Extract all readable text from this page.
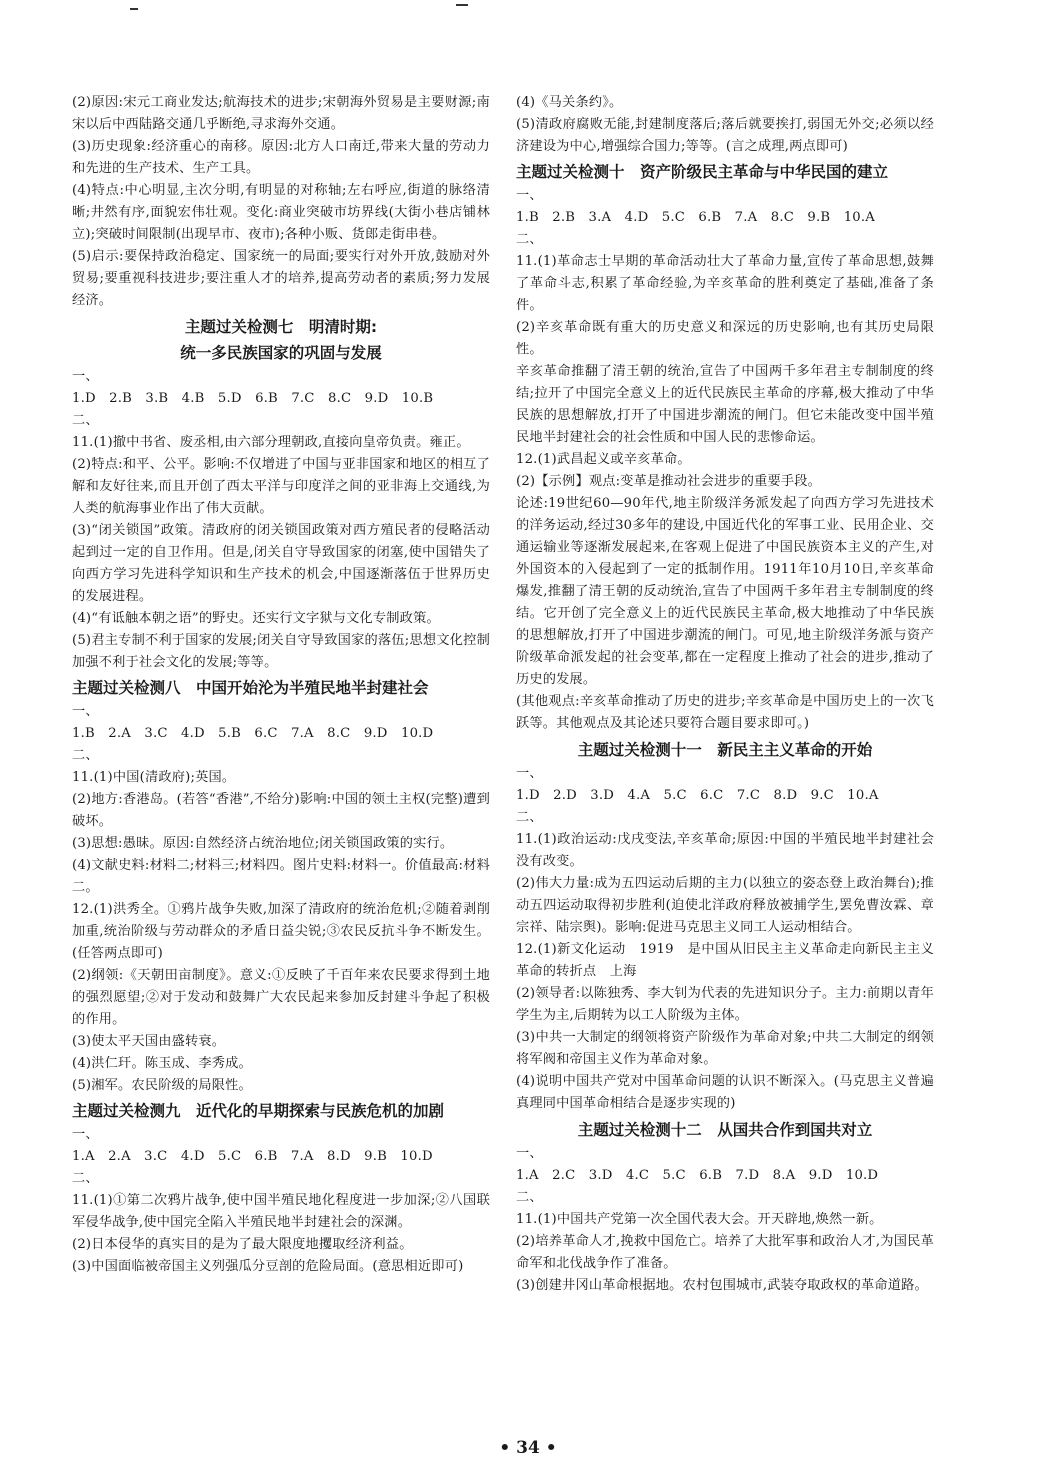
(2)原因:宋元工商业发达;航海技术的进步;宋朝海外贸易是主要财源;南宋以后中西陆路交通几乎断绝,寻求海外交通。
(3)历史现象:经济重心的南移。原因:北方人口南迁,带来大量的劳动力和先进的生产技术、生产工具。
(4)特点:中心明显,主次分明,有明显的对称轴;左右呼应,街道的脉络清晰;井然有序,面貌宏伟壮观。变化:商业突破市坊界线(大街小巷店铺林立);突破时间限制(出现早市、夜市);各种小贩、货郎走街串巷。
(5)启示:要保持政治稳定、国家统一的局面;要实行对外开放,鼓励对外贸易;要重视科技进步;要注重人才的培养,提高劳动者的素质;努力发展经济。
主题过关检测七　明清时期:
统一多民族国家的巩固与发展
一、
1.D　2.B　3.B　4.B　5.D　6.B　7.C　8.C　9.D　10.B
二、
11.(1)撤中书省、废丞相,由六部分理朝政,直接向皇帝负责。雍正。
(2)特点:和平、公平。影响:不仅增进了中国与亚非国家和地区的相互了解和友好往来,而且开创了西太平洋与印度洋之间的亚非海上交通线,为人类的航海事业作出了伟大贡献。
(3)“闭关锁国”政策。清政府的闭关锁国政策对西方殖民者的侵略活动起到过一定的自卫作用。但是,闭关自守导致国家的闭塞,使中国错失了向西方学习先进科学知识和生产技术的机会,中国逐渐落伍于世界历史的发展进程。
(4)“有诋触本朝之语”的野史。还实行文字狱与文化专制政策。
(5)君主专制不利于国家的发展;闭关自守导致国家的落伍;思想文化控制加强不利于社会文化的发展;等等。
主题过关检测八　中国开始沦为半殖民地半封建社会
一、
1.B　2.A　3.C　4.D　5.B　6.C　7.A　8.C　9.D　10.D
二、
11.(1)中国(清政府);英国。
(2)地方:香港岛。(若答“香港”,不给分)影响:中国的领土主权(完整)遭到破坏。
(3)思想:愚昧。原因:自然经济占统治地位;闭关锁国政策的实行。
(4)文献史料:材料二;材料三;材料四。图片史料:材料一。价值最高:材料二。
12.(1)洪秀全。①鸦片战争失败,加深了清政府的统治危机;②随着剥削加重,统治阶级与劳动群众的矛盾日益尖锐;③农民反抗斗争不断发生。(任答两点即可)
(2)纲领:《天朝田亩制度》。意义:①反映了千百年来农民要求得到土地的强烈愿望;②对于发动和鼓舞广大农民起来参加反封建斗争起了积极的作用。
(3)使太平天国由盛转衰。
(4)洪仁玕。陈玉成、李秀成。
(5)湘军。农民阶级的局限性。
主题过关检测九　近代化的早期探索与民族危机的加剧
一、
1.A　2.A　3.C　4.D　5.C　6.B　7.A　8.D　9.B　10.D
二、
11.(1)①第二次鸦片战争,使中国半殖民地化程度进一步加深;②八国联军侵华战争,使中国完全陷入半殖民地半封建社会的深渊。
(2)日本侵华的真实目的是为了最大限度地攫取经济利益。
(3)中国面临被帝国主义列强瓜分豆剖的危险局面。(意思相近即可)
(4)《马关条约》。
(5)清政府腐败无能,封建制度落后;落后就要挨打,弱国无外交;必须以经济建设为中心,增强综合国力;等等。(言之成理,两点即可)
主题过关检测十　资产阶级民主革命与中华民国的建立
一、
1.B　2.B　3.A　4.D　5.C　6.B　7.A　8.C　9.B　10.A
二、
11.(1)革命志士早期的革命活动壮大了革命力量,宣传了革命思想,鼓舞了革命斗志,积累了革命经验,为辛亥革命的胜利奠定了基础,准备了条件。
(2)辛亥革命既有重大的历史意义和深远的历史影响,也有其历史局限性。
辛亥革命推翻了清王朝的统治,宣告了中国两千多年君主专制制度的终结;拉开了中国完全意义上的近代民族民主革命的序幕,极大推动了中华民族的思想解放,打开了中国进步潮流的闸门。但它未能改变中国半殖民地半封建社会的社会性质和中国人民的悲惨命运。
12.(1)武昌起义或辛亥革命。
(2)【示例】观点:变革是推动社会进步的重要手段。
论述:19世纪60—90年代,地主阶级洋务派发起了向西方学习先进技术的洋务运动,经过30多年的建设,中国近代化的军事工业、民用企业、交通运输业等逐渐发展起来,在客观上促进了中国民族资本主义的产生,对外国资本的入侵起到了一定的抵制作用。1911年10月10日,辛亥革命爆发,推翻了清王朝的反动统治,宣告了中国两千多年君主专制制度的终结。它开创了完全意义上的近代民族民主革命,极大地推动了中华民族的思想解放,打开了中国进步潮流的闸门。可见,地主阶级洋务派与资产阶级革命派发起的社会变革,都在一定程度上推动了社会的进步,推动了历史的发展。
(其他观点:辛亥革命推动了历史的进步;辛亥革命是中国历史上的一次飞跃等。其他观点及其论述只要符合题目要求即可。)
主题过关检测十一　新民主主义革命的开始
一、
1.D　2.D　3.D　4.A　5.C　6.C　7.C　8.D　9.C　10.A
二、
11.(1)政治运动:戊戌变法,辛亥革命;原因:中国的半殖民地半封建社会没有改变。
(2)伟大力量:成为五四运动后期的主力(以独立的姿态登上政治舞台);推动五四运动取得初步胜利(迫使北洋政府释放被捕学生,罢免曹汝霖、章宗祥、陆宗舆)。影响:促进马克思主义同工人运动相结合。
12.(1)新文化运动　1919　是中国从旧民主主义革命走向新民主主义革命的转折点　上海
(2)领导者:以陈独秀、李大钊为代表的先进知识分子。主力:前期以青年学生为主,后期转为以工人阶级为主体。
(3)中共一大制定的纲领将资产阶级作为革命对象;中共二大制定的纲领将军阀和帝国主义作为革命对象。
(4)说明中国共产党对中国革命问题的认识不断深入。(马克思主义普遍真理同中国革命相结合是逐步实现的)
主题过关检测十二　从国共合作到国共对立
一、
1.A　2.C　3.D　4.C　5.C　6.B　7.D　8.A　9.D　10.D
二、
11.(1)中国共产党第一次全国代表大会。开天辟地,焕然一新。
(2)培养革命人才,挽救中国危亡。培养了大批军事和政治人才,为国民革命军和北伐战争作了准备。
(3)创建井冈山革命根据地。农村包围城市,武装夺取政权的革命道路。
• 34 •
